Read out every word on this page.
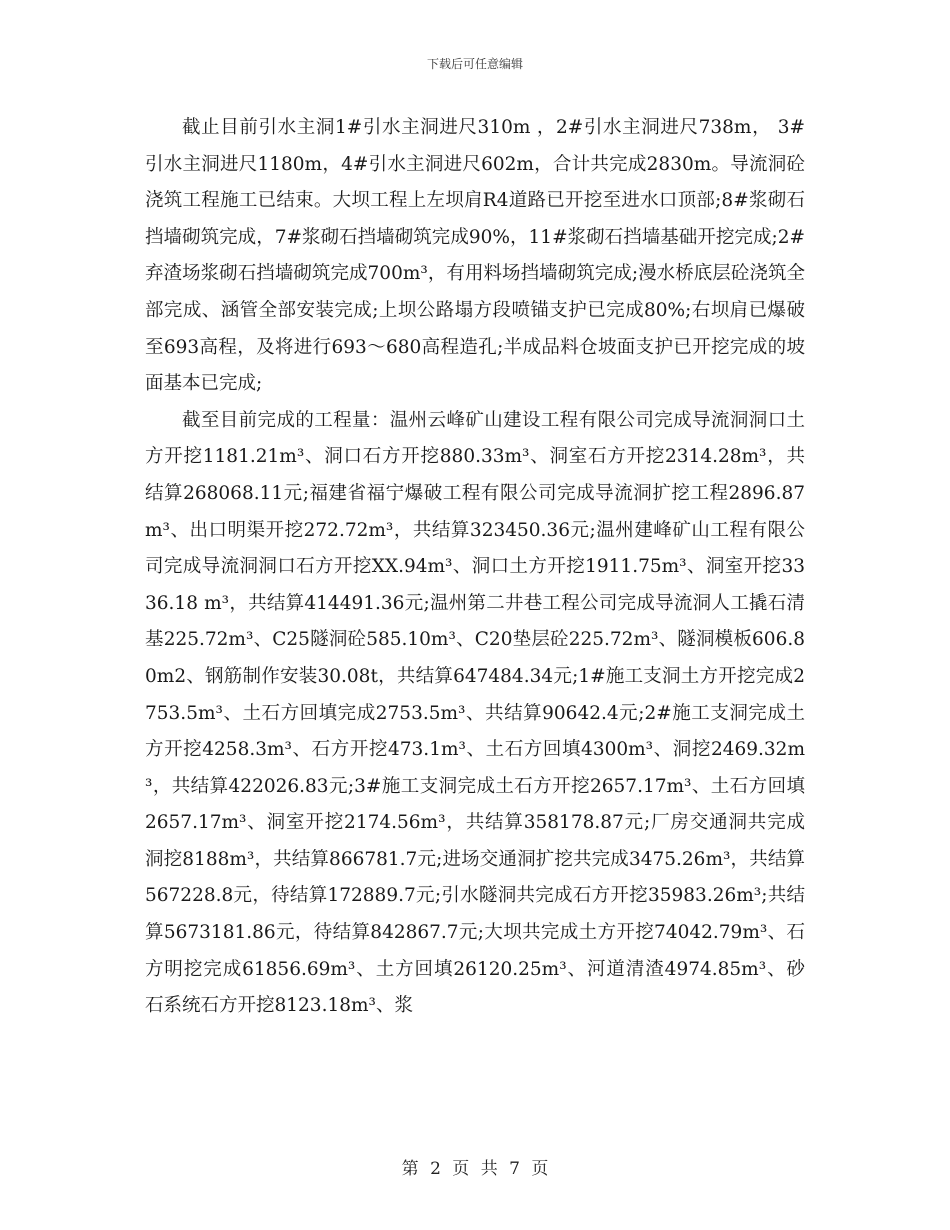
下载后可任意编辑

截止目前引水主洞1#引水主洞进尺310m ，2#引水主洞进尺738m， 3#引水主洞进尺1180m，4#引水主洞进尺602m，合计共完成2830m。导流洞砼浇筑工程施工已结束。大坝工程上左坝肩R4道路已开挖至进水口顶部;8#浆砌石挡墙砌筑完成，7#浆砌石挡墙砌筑完成90%，11#浆砌石挡墙基础开挖完成;2#弃渣场浆砌石挡墙砌筑完成700m³，有用料场挡墙砌筑完成;漫水桥底层砼浇筑全部完成、涵管全部安装完成;上坝公路塌方段喷锚支护已完成80%;右坝肩已爆破至693高程，及将进行693～680高程造孔;半成品料仓坡面支护已开挖完成的坡面基本已完成;

截至目前完成的工程量：温州云峰矿山建设工程有限公司完成导流洞洞口土方开挖1181.21m³、洞口石方开挖880.33m³、洞室石方开挖2314.28m³，共结算268068.11元;福建省福宁爆破工程有限公司完成导流洞扩挖工程2896.87m³、出口明渠开挖272.72m³，共结算323450.36元;温州建峰矿山工程有限公司完成导流洞洞口石方开挖XX.94m³、洞口土方开挖1911.75m³、洞室开挖3336.18 m³，共结算414491.36元;温州第二井巷工程公司完成导流洞人工撬石清基225.72m³、C25隧洞砼585.10m³、C20垫层砼225.72m³、隧洞模板606.80m2、钢筋制作安装30.08t，共结算647484.34元;1#施工支洞土方开挖完成2753.5m³、土石方回填完成2753.5m³、共结算90642.4元;2#施工支洞完成土方开挖4258.3m³、石方开挖473.1m³、土石方回填4300m³、洞挖2469.32m³，共结算422026.83元;3#施工支洞完成土石方开挖2657.17m³、土石方回填2657.17m³、洞室开挖2174.56m³，共结算358178.87元;厂房交通洞共完成洞挖8188m³，共结算866781.7元;进场交通洞扩挖共完成3475.26m³，共结算567228.8元，待结算172889.7元;引水隧洞共完成石方开挖35983.26m³;共结算5673181.86元，待结算842867.7元;大坝共完成土方开挖74042.79m³、石方明挖完成61856.69m³、土方回填26120.25m³、河道清渣4974.85m³、砂石系统石方开挖8123.18m³、浆

第 2 页 共 7 页
